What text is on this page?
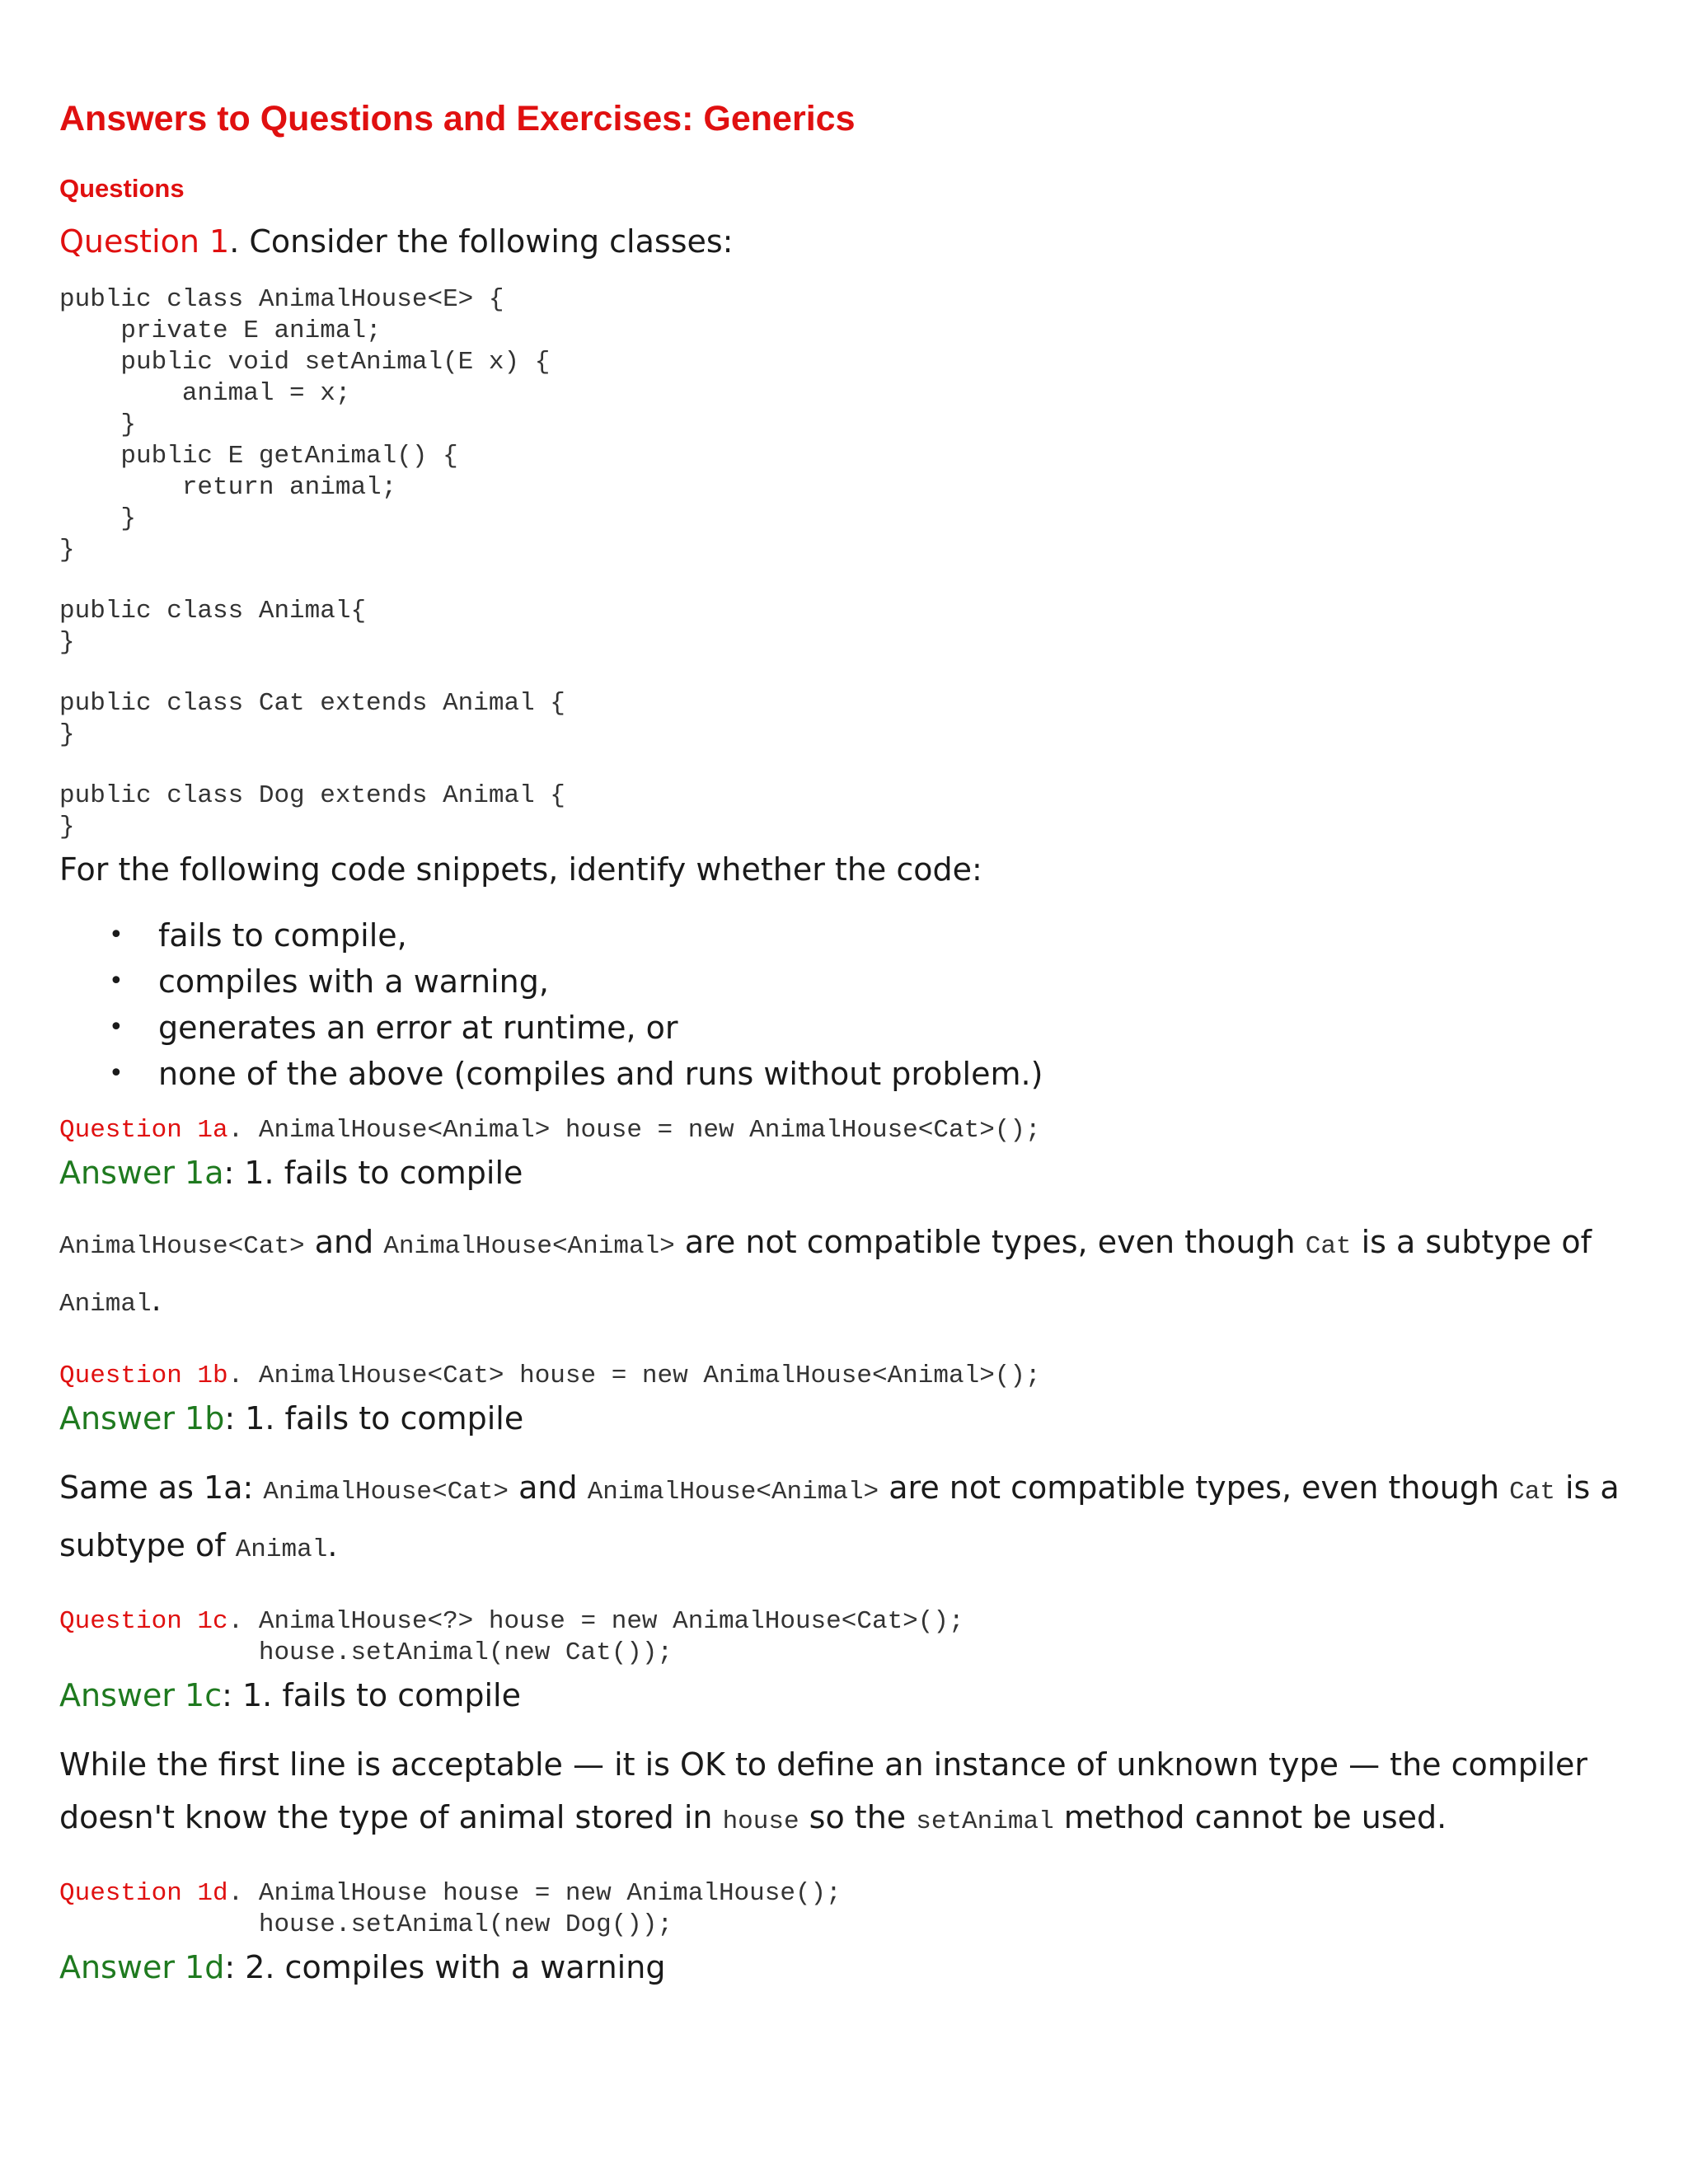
Answers to Questions and Exercises: Generics
Questions

Question 1. Consider the following classes:

public class AnimalHouse<E> {
private E animal;
public void setAnimal(E x) {
animal = x;
}
public E getAnimal() {
return animal;
}
}
public class Animal{
}
public class Cat extends Animal {
}
public class Dog extends Animal {
}

For the following code snippets, identify whether the code:

• fails to compile,
• compiles with a warning,
• generates an error at runtime, or
• none of the above (compiles and runs without problem.)

Question 1a. AnimalHouse<Animal> house = new AnimalHouse<Cat>();

Answer 1a: 1. fails to compile

AnimalHouse<Cat> and AnimalHouse<Animal> are not compatible types, even though Cat is a subtype of Animal.

Question 1b. AnimalHouse<Cat> house = new AnimalHouse<Animal>();

Answer 1b: 1. fails to compile

Same as 1a: AnimalHouse<Cat> and AnimalHouse<Animal> are not compatible types, even though Cat is a subtype of Animal.

Question 1c. AnimalHouse<?> house = new AnimalHouse<Cat>();
house.setAnimal(new Cat());

Answer 1c: 1. fails to compile

While the first line is acceptable — it is OK to define an instance of unknown type — the compiler doesn't know the type of animal stored in house so the setAnimal method cannot be used.

Question 1d. AnimalHouse house = new AnimalHouse();
house.setAnimal(new Dog());

Answer 1d: 2. compiles with a warning
